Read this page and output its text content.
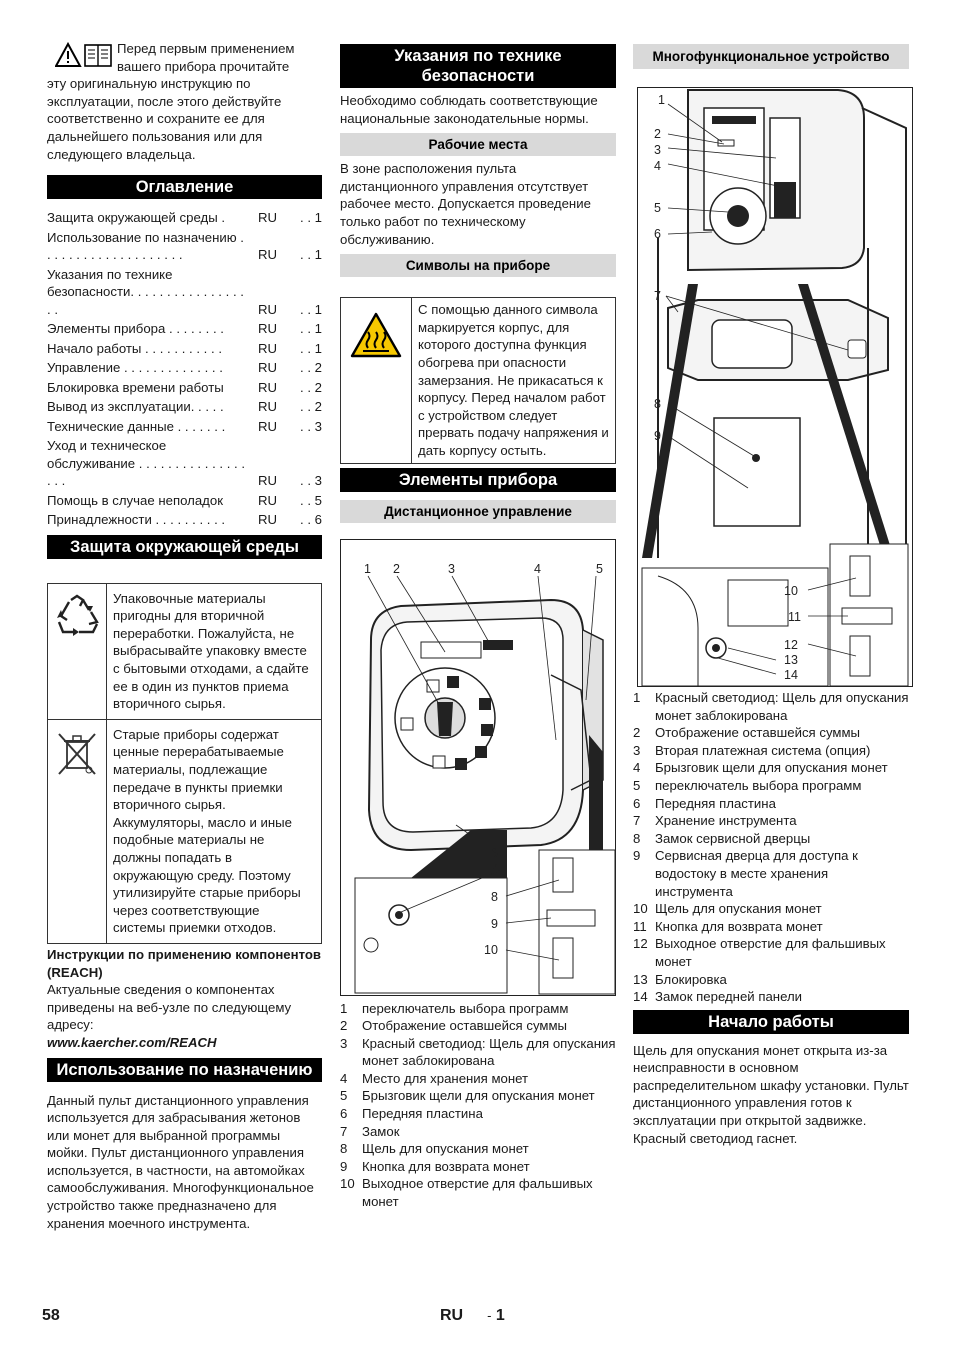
Перед первым применением

вашего прибора прочитайте

эту оригинальную инструкцию по эксплуатации, после этого действуйте соответственно и сохраните ее для дальнейшего пользования или для следующего владельца.

Оглавление
Защита окружающей среды .	RU	. . 1
Использование по назначению . . . . . . . . . . . . . . . . . . . .	RU	. . 1
Указания по технике безопасности. . . . . . . . . . . . . . . . . .	RU	. . 1
Элементы прибора . . . . . . . .	RU	. . 1
Начало работы . . . . . . . . . . .	RU	. . 1
Управление . . . . . . . . . . . . . .	RU	. . 2
Блокировка времени работы	RU	. . 2
Вывод из эксплуатации. . . . .	RU	. . 2
Технические данные . . . . . . .	RU	. . 3
Уход и техническое обслуживание . . . . . . . . . . . . . . . . . .	RU	. . 3
Помощь в случае неполадок	RU	. . 5
Принадлежности . . . . . . . . . .	RU	. . 6
Защита окружающей среды
	Упаковочные материалы пригодны для вторичной переработки. Пожалуйста, не выбрасывайте упаковку вместе с бытовыми отходами, а сдайте ее в один из пунктов приема вторичного сырья.
	Старые приборы содержат ценные перерабатываемые материалы, подлежащие передаче в пункты приемки вторичного сырья. Аккумуляторы, масло и иные подобные материалы не должны попадать в окружающую среду. Поэтому утилизируйте старые приборы через соответствующие системы приемки отходов.

Инструкции по применению компонентов (REACH)

Актуальные сведения о компонентах приведены на веб-узле по следующему адресу:

www.kaercher.com/REACH

Использование по назначению

Данный пульт дистанционного управления используется для забрасывания жетонов или монет для выбранной программы мойки. Пульт дистанционного управления используется, в частности, на автомойках самообслуживания. Многофункциональное устройство также предназначено для хранения моечного инструмента.

Указания по технике безопасности

Необходимо соблюдать соответствующие национальные законодательные нормы.

Рабочие места

В зоне расположения пульта дистанционного управления отсутствует рабочее место. Допускается проведение только работ по техническому обслуживанию.

Символы на приборе
	С помощью данного символа маркируется корпус, для которого доступна функция обогрева при опасности замерзания. Не прикасаться к корпусу. Перед началом работ с устройством следует прервать подачу напряжения и дать корпусу остыть.
Элементы прибора
Дистанционное управление
1 2	3	4	5
6
7
8
9
10
1	переключатель выбора программ
2	Отображение оставшейся суммы
3	Красный светодиод: Щель для опускания монет заблокирована
4	Место для хранения монет
5	Брызговик щели для опускания монет
6	Передняя пластина
7	Замок
8	Щель для опускания монет
9	Кнопка для возврата монет
10 Выходное отверстие для фальшивых монет
Многофункциональное устройство
1
2
3
4
5
6
7
8
9
10
11
12
13
14
1	Красный светодиод: Щель для опускания монет заблокирована
2	Отображение оставшейся суммы
3	Вторая платежная система (опция)
4	Брызговик щели для опускания монет
5	переключатель выбора программ
6	Передняя пластина
7	Хранение инструмента
8	Замок сервисной дверцы
9	Сервисная дверца для доступа к водостоку в месте хранения инструмента
10 Щель для опускания монет
11 Кнопка для возврата монет
12 Выходное отверстие для фальшивых монет
13 Блокировка
14 Замок передней панели
Начало работы

Щель для опускания монет открыта из-за неисправности в основном распределительном шкафу установки. Пульт дистанционного управления готов к эксплуатации при открытой задвижке. Красный светодиод гаснет.

58	RU - 1
